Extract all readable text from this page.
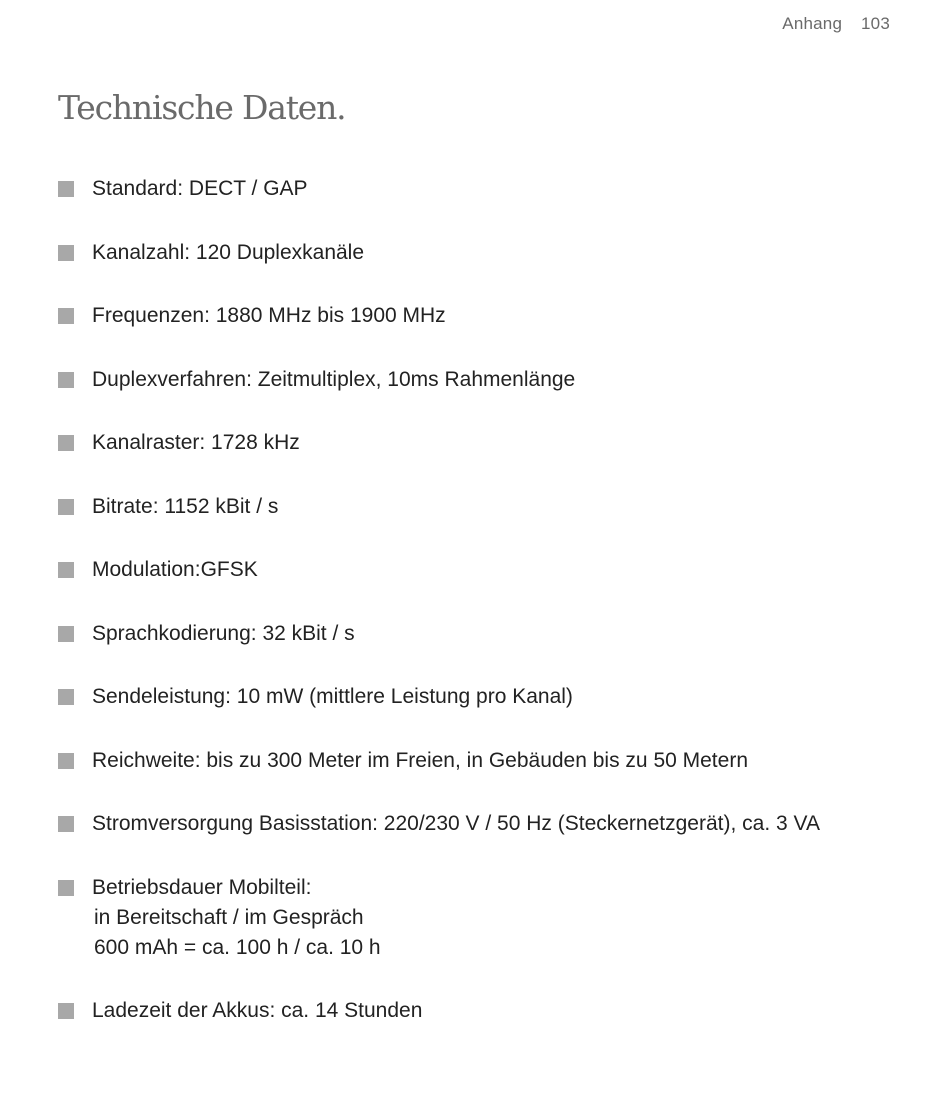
Anhang 103
Technische Daten.
Standard: DECT / GAP
Kanalzahl: 120 Duplexkanäle
Frequenzen: 1880 MHz bis 1900 MHz
Duplexverfahren: Zeitmultiplex, 10ms Rahmenlänge
Kanalraster: 1728 kHz
Bitrate: 1152 kBit / s
Modulation:GFSK
Sprachkodierung: 32 kBit / s
Sendeleistung: 10 mW (mittlere Leistung pro Kanal)
Reichweite: bis zu 300 Meter im Freien, in Gebäuden bis zu 50 Metern
Stromversorgung Basisstation: 220/230 V / 50 Hz (Steckernetzgerät), ca. 3 VA
Betriebsdauer Mobilteil:
in Bereitschaft / im Gespräch
600 mAh = ca. 100 h / ca. 10 h
Ladezeit der Akkus: ca. 14 Stunden
